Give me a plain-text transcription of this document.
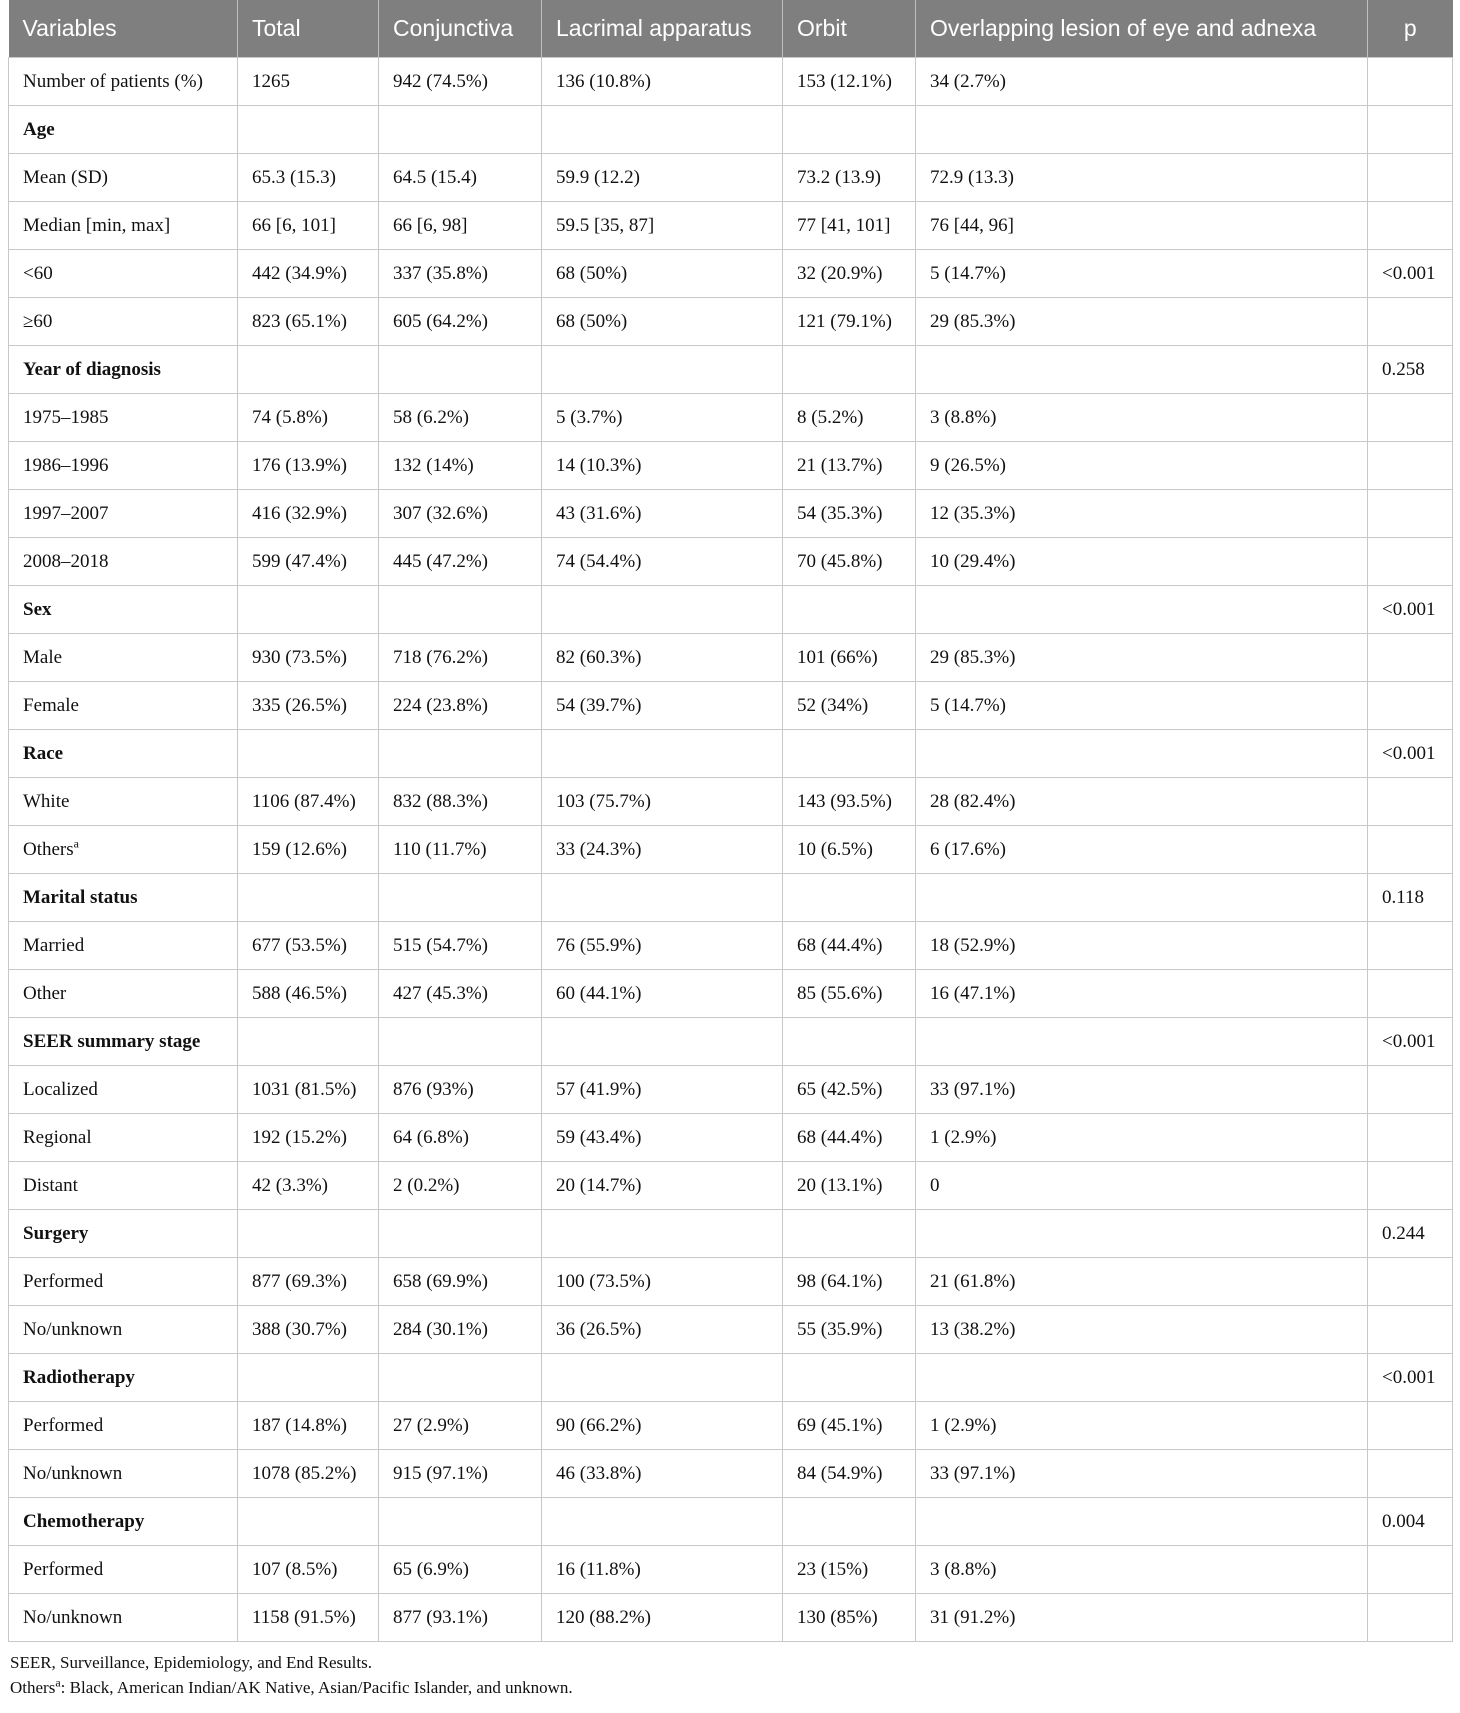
Variables	Total	Conjunctiva	Lacrimal apparatus	Orbit	Overlapping lesion of eye and adnexa	p
Number of patients (%)	1265	942 (74.5%)	136 (10.8%)	153 (12.1%)	34 (2.7%)	
Age						
Mean (SD)	65.3 (15.3)	64.5 (15.4)	59.9 (12.2)	73.2 (13.9)	72.9 (13.3)	
Median [min, max]	66 [6, 101]	66 [6, 98]	59.5 [35, 87]	77 [41, 101]	76 [44, 96]	
<60	442 (34.9%)	337 (35.8%)	68 (50%)	32 (20.9%)	5 (14.7%)	<0.001
≥60	823 (65.1%)	605 (64.2%)	68 (50%)	121 (79.1%)	29 (85.3%)	
Year of diagnosis						0.258
1975–1985	74 (5.8%)	58 (6.2%)	5 (3.7%)	8 (5.2%)	3 (8.8%)	
1986–1996	176 (13.9%)	132 (14%)	14 (10.3%)	21 (13.7%)	9 (26.5%)	
1997–2007	416 (32.9%)	307 (32.6%)	43 (31.6%)	54 (35.3%)	12 (35.3%)	
2008–2018	599 (47.4%)	445 (47.2%)	74 (54.4%)	70 (45.8%)	10 (29.4%)	
Sex						<0.001
Male	930 (73.5%)	718 (76.2%)	82 (60.3%)	101 (66%)	29 (85.3%)	
Female	335 (26.5%)	224 (23.8%)	54 (39.7%)	52 (34%)	5 (14.7%)	
Race						<0.001
White	1106 (87.4%)	832 (88.3%)	103 (75.7%)	143 (93.5%)	28 (82.4%)	
Others$^a$	159 (12.6%)	110 (11.7%)	33 (24.3%)	10 (6.5%)	6 (17.6%)	
Marital status						0.118
Married	677 (53.5%)	515 (54.7%)	76 (55.9%)	68 (44.4%)	18 (52.9%)	
Other	588 (46.5%)	427 (45.3%)	60 (44.1%)	85 (55.6%)	16 (47.1%)	
SEER summary stage						<0.001
Localized	1031 (81.5%)	876 (93%)	57 (41.9%)	65 (42.5%)	33 (97.1%)	
Regional	192 (15.2%)	64 (6.8%)	59 (43.4%)	68 (44.4%)	1 (2.9%)	
Distant	42 (3.3%)	2 (0.2%)	20 (14.7%)	20 (13.1%)	0	
Surgery						0.244
Performed	877 (69.3%)	658 (69.9%)	100 (73.5%)	98 (64.1%)	21 (61.8%)	
No/unknown	388 (30.7%)	284 (30.1%)	36 (26.5%)	55 (35.9%)	13 (38.2%)	
Radiotherapy						<0.001
Performed	187 (14.8%)	27 (2.9%)	90 (66.2%)	69 (45.1%)	1 (2.9%)	
No/unknown	1078 (85.2%)	915 (97.1%)	46 (33.8%)	84 (54.9%)	33 (97.1%)	
Chemotherapy						0.004
Performed	107 (8.5%)	65 (6.9%)	16 (11.8%)	23 (15%)	3 (8.8%)	
No/unknown	1158 (91.5%)	877 (93.1%)	120 (88.2%)	130 (85%)	31 (91.2%)	
SEER, Surveillance, Epidemiology, and End Results.
Others$^a$: Black, American Indian/AK Native, Asian/Pacific Islander, and unknown.
